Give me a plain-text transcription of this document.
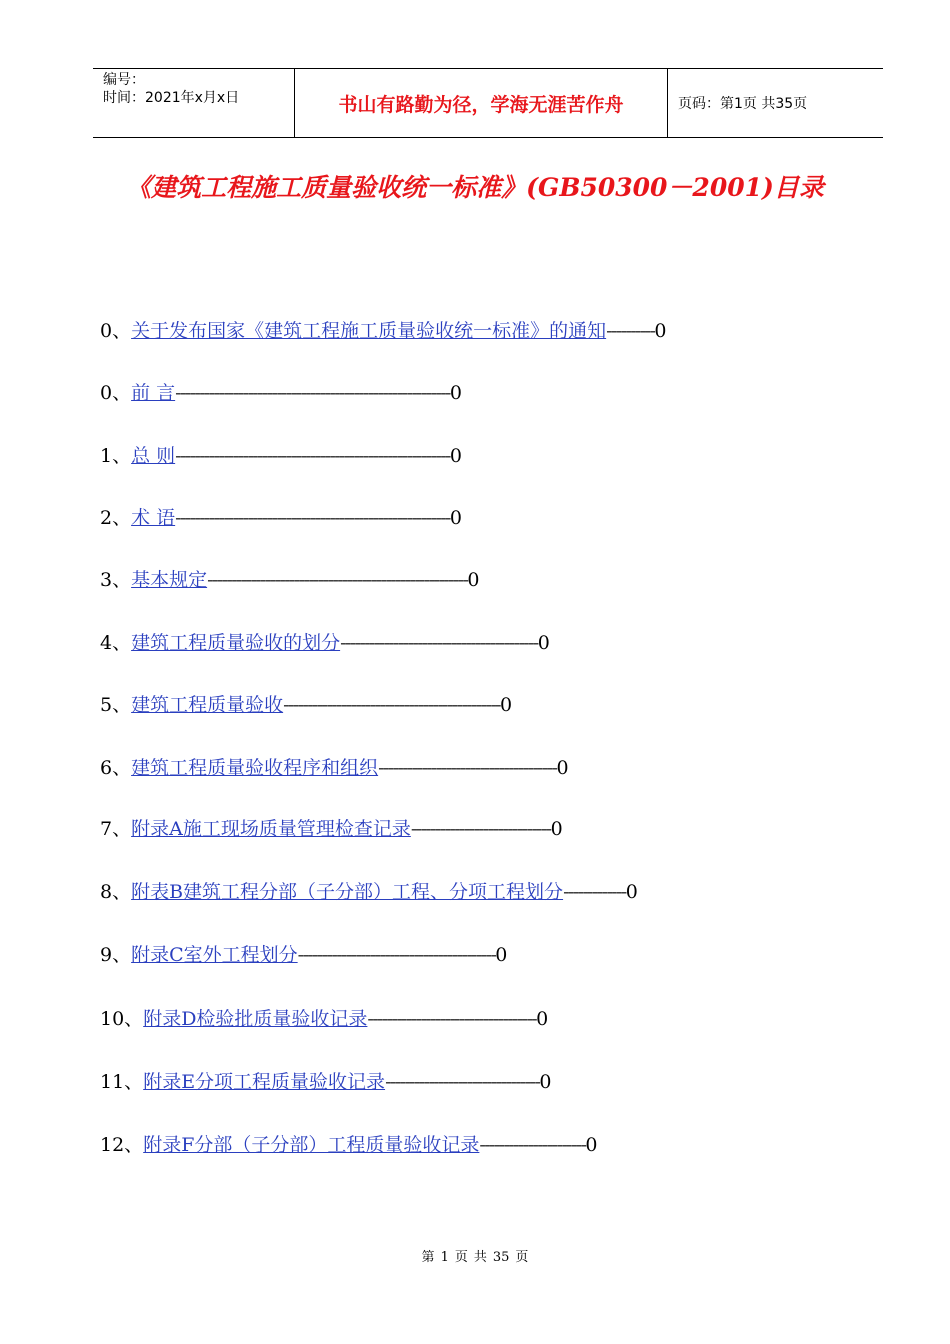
编号：
时间：2021年x月x日	书山有路勤为径，学海无涯苦作舟	页码：第1页 共35页
《建筑工程施工质量验收统一标准》(GB50300－2001)目录
0、关于发布国家《建筑工程施工质量验收统一标准》的通知----------0
0、前 言---------------------------------------------------------0
1、总 则---------------------------------------------------------0
2、术 语---------------------------------------------------------0
3、基本规定------------------------------------------------------0
4、建筑工程质量验收的划分-----------------------------------------0
5、建筑工程质量验收---------------------------------------------0
6、建筑工程质量验收程序和组织-------------------------------------0
7、附录A施工现场质量管理检查记录-----------------------------0
8、附表B建筑工程分部（子分部）工程、分项工程划分-------------0
9、附录C室外工程划分-----------------------------------------0
10、附录D检验批质量验收记录-----------------------------------0
11、附录E分项工程质量验收记录--------------------------------0
12、附录F分部（子分部）工程质量验收记录----------------------0
第 1 页 共 35 页
